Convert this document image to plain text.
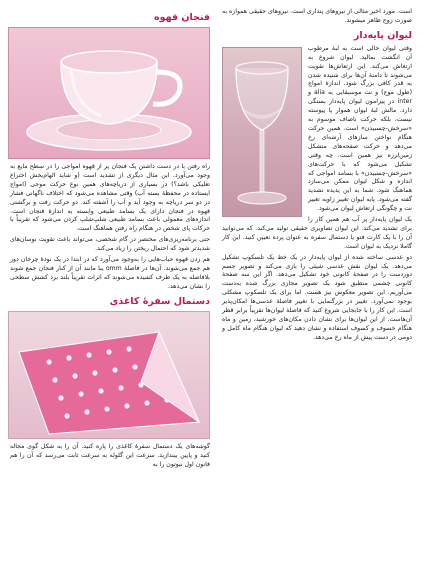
است. مورد اخیر مثالی از نیروهای پنداری است. نیروهای حقیقی همواره به صورت زوج ظاهر میشوند.

لیوان پایه‌دار

وقتی لیوان خالی است به لبهٔ مرطوب آن انگشت بمالید. لیوان شروع به ارتعاش می‌کند. این ارتعاش‌ها تقویت می‌شوند تا دامنهٔ آن‌ها برای شنیده شدن به قدر کافی بزرگ شود. اندازهٔ امواج (طول موج) و نت موسیقایی به alia و inter در پیرامون لیوان پایه‌دار بستگی دارد. مالش لبهٔ لیوان هموار یا پیوسته نیست، بلکه حرکت ناصاف موسوم به «سرخش-چسبیدن» است. همین حرکت هنگام نواختن سازهای آرشه‌ای رخ می‌دهد و حرکت صفحه‌های متشکل زمین‌لرزه نیز همین است. چه وقتی تشکیل می‌شود که با حرکت‌های «سرخش-چسبیدن» با بسامد امواجی که اندازه و شکل لیوان ممکن می‌سازد هماهنگ شود. شما به این پدیده تشدید گفته می‌شود. پایه لیوان تغییر زاویه تغییر نت و چگونگی ارتعاش لیوان می‌شود.

یک لیوان پایه‌دار پر آب هم همین کار را برای تشدید می‌کند. این لیوان تصاویری حقیقی تولید می‌کند. که می‌توانید آن را با یک کارت فتو یا دستمال سفره به عنوان پرده تعیین کنید. این کار گاملا نزدیک به لیوان است.

دو عدسی ساخته شده از لیوان پایه‌دار در یک خط یک تلسکوپ تشکیل می‌دهد. یک لیوان نقش عدسی شیئی را بازی می‌کند و تصویر جسم دوردست را در صفحهٔ کانونی خود تشکیل می‌دهد. اگر این سه صفحهٔ کانونی چشمی منطبق شود یک تصویر مجازی بزرگ شده به‌دست می‌آوریم. این تصویر معکوس نیز هست. اما برای یک تلسکوپ مشکلی بوجود نمی‌آورد. تغییر در بزرگنمایی با تغییر فاصلهٔ عدسی‌ها امکان‌پذیر است. این کار را با جابجایی شروع کنید که فاصلهٔ لیوان‌ها تقریباً برابر قطر آن‌هاست. از این لیوان‌ها برای نشان دادن مکان‌های خورشید، زمین و ماه هنگام خسوف و کسوف استفاده و نشان دهید که لیوان هنگام ماه کامل و دومی در دست پیش از ماه رخ می‌دهد.

فنجان قهوه

راه رفتن با در دست داشتن یک فنجان پر از قهوه امواجی را در سطح مایع به وجود می‌آورد. این مثال دیگری از تشدید است (و شاید الهام‌بخش اختراع تعلیکی باشد؟) در بسیاری از دریاچه‌های همین نوع حرکت موجی (امواج ایستاده در محفظهٔ بسته آب) وقتی مشاهده می‌شود که اختلاف ناگهانی فشار در دو سر دریاچه به وجود آید و آب را آشفته کند. دو حرکت رفت و برگشتی قهوه در فنجان دارای یک بسامد طبیعی وابسته به اندازهٔ فنجان است. اندازه‌های معمولی باعث بسامد طبیعی شلپ‌شلپ کردن می‌شود که تقریباً با حرکات پای شخص در هنگام راه رفتن هماهنگ است.

حتی برنامه‌ریزی‌های مختصر در گام شخصی، می‌تواند باعث تقویت نوسان‌های شدیدتر شود که احتمال ریختن را زیاد می‌کند.

هم زدن قهوه حباب‌هایی را به‌وجود می‌آورد که در ابتدا در یک نودهٔ چرخان دور هم جمع می‌شوند. آن‌ها در فاصلهٔ omm یبا مانند آن از کنار فنجان جمع شوند بلافاصله به یک طرف کشیده می‌شوند که اثرات تقریباً بلند برد کشش سطحی را نشان می‌دهد.

دستمال سفرهٔ کاغذی

گوشه‌های یک دستمال سفرهٔ کاغذی را پاره کنید. آن را به شکل گوی مجاله کنید و پایین بیندازید. سرعت این گلوله به سرعت ثابت می‌رسد که آن را هم قانون اول نیوتون را به
